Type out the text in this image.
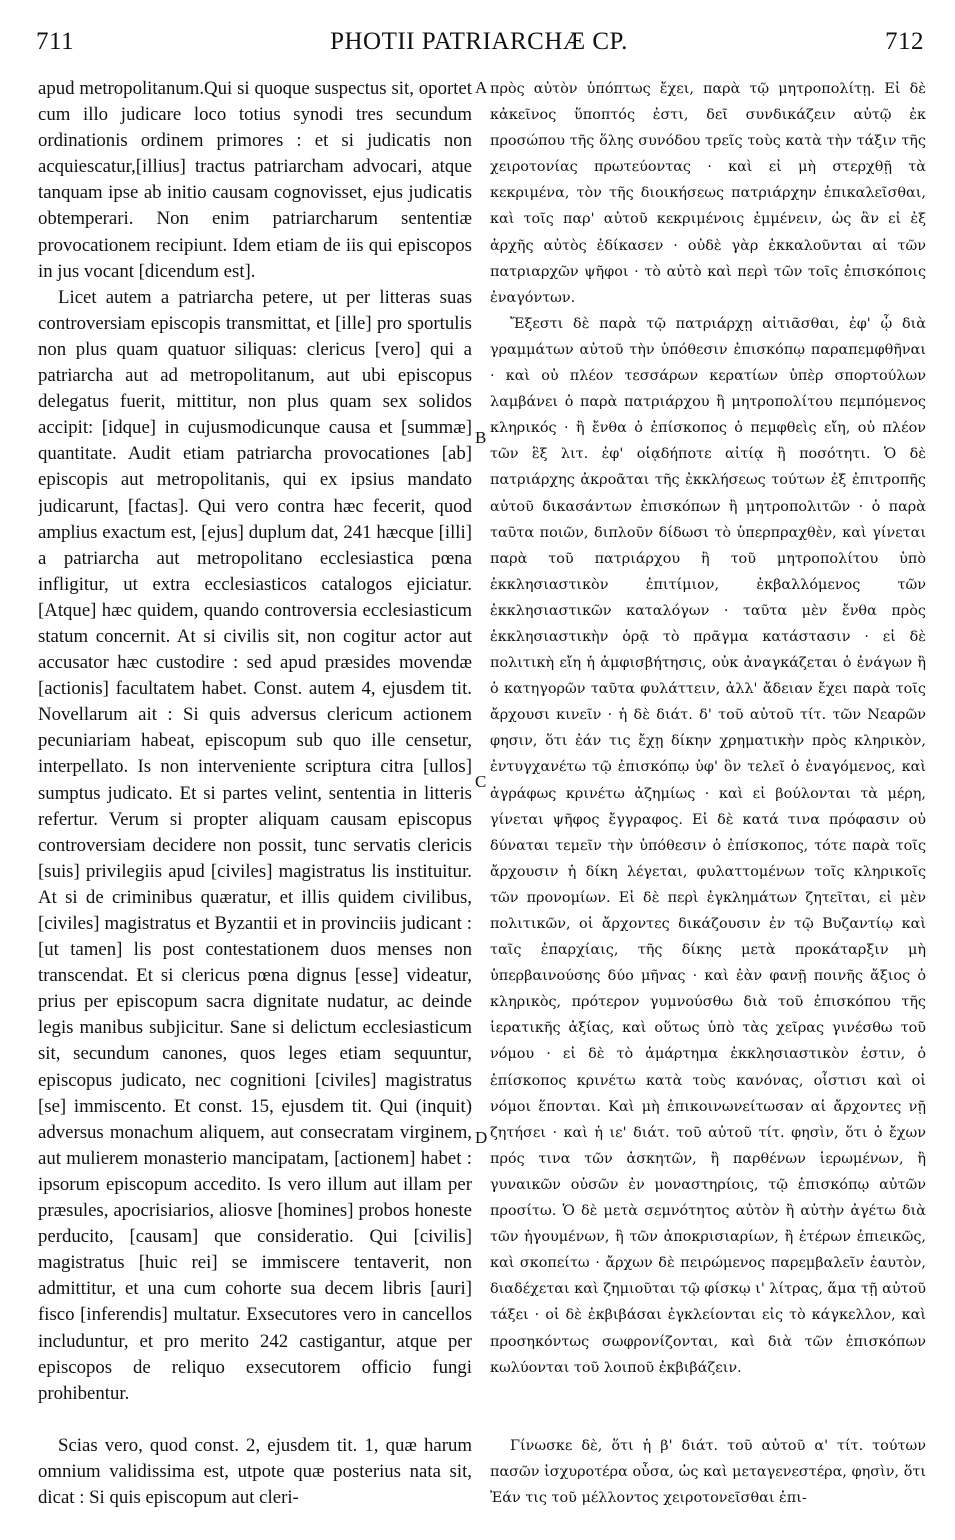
711	PHOTII PATRIARCHÆ CP.	712

apud metropolitanum.Qui si quoque suspectus sit, oportet cum illo judicare loco totius synodi tres secundum ordinationis ordinem primores : et si judicatis non acquiescatur,[illius] tractus patriarcham advocari, atque tanquam ipse ab initio causam cognovisset, ejus judicatis obtemperari. Non enim patriarcharum sententiæ provocationem recipiunt. Idem etiam de iis qui episcopos in jus vocant [dicendum est].

Licet autem a patriarcha petere, ut per litteras suas controversiam episcopis transmittat, et [ille] pro sportulis non plus quam quatuor siliquas: clericus [vero] qui a patriarcha aut ad metropolitanum, aut ubi episcopus delegatus fuerit, mittitur, non plus quam sex solidos accipit: [idque] in cujusmodicunque causa et [summæ] quantitate. Audit etiam patriarcha provocationes [ab] episcopis aut metropolitanis, qui ex ipsius mandato judicarunt, [factas]. Qui vero contra hæc fecerit, quod amplius exactum est, [ejus] duplum dat, 241 hæcque [illi] a patriarcha aut metropolitano ecclesiastica pœna infligitur, ut extra ecclesiasticos catalogos ejiciatur. [Atque] hæc quidem, quando controversia ecclesiasticum statum concernit. At si civilis sit, non cogitur actor aut accusator hæc custodire : sed apud præsides movendæ [actionis] facultatem habet. Const. autem 4, ejusdem tit. Novellarum ait : Si quis adversus clericum actionem pecuniariam habeat, episcopum sub quo ille censetur, interpellato. Is non interveniente scriptura citra [ullos] sumptus judicato. Et si partes velint, sententia in litteris refertur. Verum si propter aliquam causam episcopus controversiam decidere non possit, tunc servatis clericis [suis] privilegiis apud [civiles] magistratus lis instituitur. At si de criminibus quæratur, et illis quidem civilibus, [civiles] magistratus et Byzantii et in provinciis judicant : [ut tamen] lis post contestationem duos menses non transcendat. Et si clericus pœna dignus [esse] videatur, prius per episcopum sacra dignitate nudatur, ac deinde legis manibus subjicitur. Sane si delictum ecclesiasticum sit, secundum canones, quos leges etiam sequuntur, episcopus judicato, nec cognitioni [civiles] magistratus [se] immiscento. Et const. 15, ejusdem tit. Qui (inquit) adversus monachum aliquem, aut consecratam virginem, aut mulierem monasterio mancipatam, [actionem] habet : ipsorum episcopum accedito. Is vero illum aut illam per præsules, apocrisiarios, aliosve [homines] probos honeste perducito, [causam] que consideratio. Qui [civilis] magistratus [huic rei] se immiscere tentaverit, non admittitur, et una cum cohorte sua decem libris [auri] fisco [inferendis] multatur. Exsecutores vero in cancellos includuntur, et pro merito 242 castigantur, atque per episcopos de reliquo exsecutorem officio fungi prohibentur.

Scias vero, quod const. 2, ejusdem tit. 1, quæ harum omnium validissima est, utpote quæ posterius nata sit, dicat : Si quis episcopum aut cleri-

A
B
C
D

πρὸς αὐτὸν ὑπόπτως ἔχει, παρὰ τῷ μητροπολίτῃ. Εἰ δὲ κἀκεῖνος ὕποπτός ἐστι, δεῖ συνδικάζειν αὐτῷ ἐκ προσώπου τῆς ὅλης συνόδου τρεῖς τοὺς κατὰ τὴν τάξιν τῆς χειροτονίας πρωτεύοντας · καὶ εἰ μὴ στερχθῇ τὰ κεκριμένα, τὸν τῆς διοικήσεως πατριάρχην ἐπικαλεῖσθαι, καὶ τοῖς παρ' αὐτοῦ κεκριμένοις ἐμμένειν, ὡς ἂν εἰ ἐξ ἀρχῆς αὐτὸς ἐδίκασεν · οὐδὲ γὰρ ἐκκαλοῦνται αἱ τῶν πατριαρχῶν ψῆφοι · τὸ αὐτὸ καὶ περὶ τῶν τοῖς ἐπισκόποις ἐναγόντων.

Ἔξεστι δὲ παρὰ τῷ πατριάρχῃ αἰτιᾶσθαι, ἐφ' ᾧ διὰ γραμμάτων αὐτοῦ τὴν ὑπόθεσιν ἐπισκόπῳ παραπεμφθῆναι · καὶ οὐ πλέον τεσσάρων κερατίων ὑπὲρ σπορτούλων λαμβάνει ὁ παρὰ πατριάρχου ἢ μητροπολίτου πεμπόμενος κληρικός · ἢ ἔνθα ὁ ἐπίσκοπος ὁ πεμφθεὶς εἴη, οὐ πλέον τῶν ἓξ λιτ. ἐφ' οἱᾳδήποτε αἰτίᾳ ἢ ποσότητι. Ὁ δὲ πατριάρχης ἀκροᾶται τῆς ἐκκλήσεως τούτων ἐξ ἐπιτροπῆς αὐτοῦ δικασάντων ἐπισκόπων ἢ μητροπολιτῶν · ὁ παρὰ ταῦτα ποιῶν, διπλοῦν δίδωσι τὸ ὑπερπραχθὲν, καὶ γίνεται παρὰ τοῦ πατριάρχου ἢ τοῦ μητροπολίτου ὑπὸ ἐκκλησιαστικὸν ἐπιτίμιον, ἐκβαλλόμενος τῶν ἐκκλησιαστικῶν καταλόγων · ταῦτα μὲν ἔνθα πρὸς ἐκκλησιαστικὴν ὁρᾷ τὸ πρᾶγμα κατάστασιν · εἰ δὲ πολιτικὴ εἴη ἡ ἀμφισβήτησις, οὐκ ἀναγκάζεται ὁ ἐνάγων ἢ ὁ κατηγορῶν ταῦτα φυλάττειν, ἀλλ' ἄδειαν ἔχει παρὰ τοῖς ἄρχουσι κινεῖν · ἡ δὲ διάτ. δ' τοῦ αὐτοῦ τίτ. τῶν Νεαρῶν φησιν, ὅτι ἐάν τις ἔχῃ δίκην χρηματικὴν πρὸς κληρικὸν, ἐντυγχανέτω τῷ ἐπισκόπῳ ὑφ' ὃν τελεῖ ὁ ἐναγόμενος, καὶ ἀγράφως κρινέτω ἀζημίως · καὶ εἰ βούλονται τὰ μέρη, γίνεται ψῆφος ἔγγραφος. Εἰ δὲ κατά τινα πρόφασιν οὐ δύναται τεμεῖν τὴν ὑπόθεσιν ὁ ἐπίσκοπος, τότε παρὰ τοῖς ἄρχουσιν ἡ δίκη λέγεται, φυλαττομένων τοῖς κληρικοῖς τῶν προνομίων. Εἰ δὲ περὶ ἐγκλημάτων ζητεῖται, εἰ μὲν πολιτικῶν, οἱ ἄρχοντες δικάζουσιν ἐν τῷ Βυζαντίῳ καὶ ταῖς ἐπαρχίαις, τῆς δίκης μετὰ προκάταρξιν μὴ ὑπερβαινούσης δύο μῆνας · καὶ ἐὰν φανῇ ποινῆς ἄξιος ὁ κληρικὸς, πρότερον γυμνούσθω διὰ τοῦ ἐπισκόπου τῆς ἱερατικῆς ἀξίας, καὶ οὕτως ὑπὸ τὰς χεῖρας γινέσθω τοῦ νόμου · εἰ δὲ τὸ ἁμάρτημα ἐκκλησιαστικὸν ἐστιν, ὁ ἐπίσκοπος κρινέτω κατὰ τοὺς κανόνας, οἷστισι καὶ οἱ νόμοι ἕπονται. Καὶ μὴ ἐπικοινωνείτωσαν αἱ ἄρχοντες νῇ ζητήσει · καὶ ἡ ιε' διάτ. τοῦ αὐτοῦ τίτ. φησὶν, ὅτι ὁ ἔχων πρός τινα τῶν ἀσκητῶν, ἢ παρθένων ἱερωμένων, ἢ γυναικῶν οὐσῶν ἐν μοναστηρίοις, τῷ ἐπισκόπῳ αὐτῶν προσίτω. Ὁ δὲ μετὰ σεμνότητος αὐτὸν ἢ αὐτὴν ἀγέτω διὰ τῶν ἡγουμένων, ἢ τῶν ἀποκρισιαρίων, ἢ ἑτέρων ἐπιεικῶς, καὶ σκοπείτω · ἄρχων δὲ πειρώμενος παρεμβαλεῖν ἑαυτὸν, διαδέχεται καὶ ζημιοῦται τῷ φίσκῳ ι' λίτρας, ἅμα τῇ αὐτοῦ τάξει · οἱ δὲ ἐκβιβάσαι ἐγκλείονται εἰς τὸ κάγκελλον, καὶ προσηκόντως σωφρονίζονται, καὶ διὰ τῶν ἐπισκόπων κωλύονται τοῦ λοιποῦ ἐκβιβάζειν.

Γίνωσκε δὲ, ὅτι ἡ β' διάτ. τοῦ αὐτοῦ α' τίτ. τούτων πασῶν ἰσχυροτέρα οὖσα, ὡς καὶ μεταγενεστέρα, φησὶν, ὅτι Ἐάν τις τοῦ μέλλοντος χειροτονεῖσθαι ἐπι-
